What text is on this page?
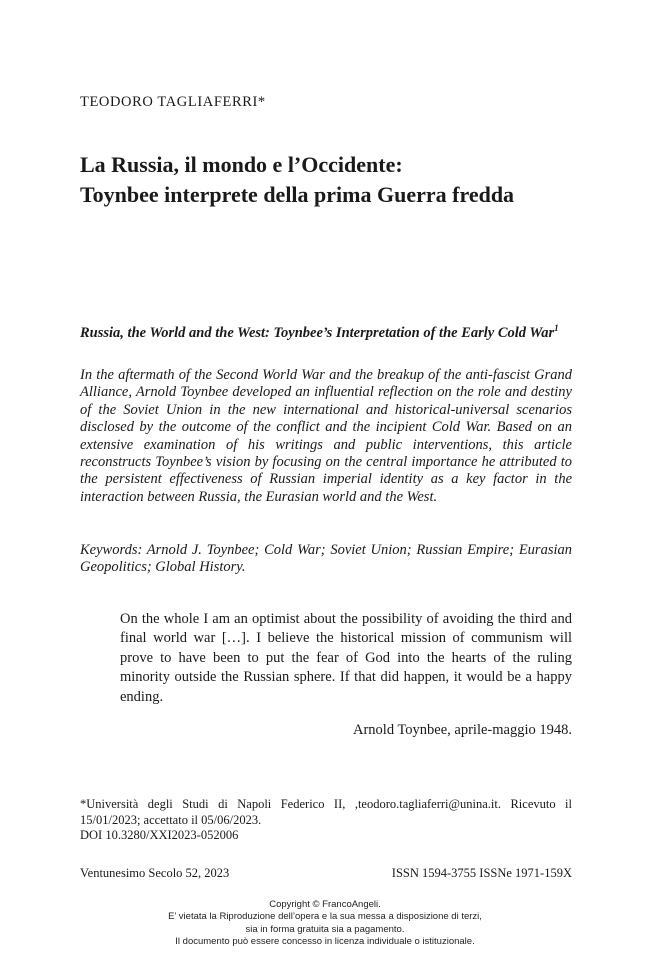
TEODORO TAGLIAFERRI*
La Russia, il mondo e l’Occidente:
Toynbee interprete della prima Guerra fredda
Russia, the World and the West: Toynbee’s Interpretation of the Early Cold War$^1$
In the aftermath of the Second World War and the breakup of the anti-fascist Grand Alliance, Arnold Toynbee developed an influential reflection on the role and destiny of the Soviet Union in the new international and historical-universal scenarios disclosed by the outcome of the conflict and the incipient Cold War. Based on an extensive examination of his writings and public interventions, this article reconstructs Toynbee’s vision by focusing on the central importance he attributed to the persistent effectiveness of Russian imperial identity as a key factor in the interaction between Russia, the Eurasian world and the West.
Keywords: Arnold J. Toynbee; Cold War; Soviet Union; Russian Empire; Eurasian Geopolitics; Global History.
On the whole I am an optimist about the possibility of avoiding the third and final world war […]. I believe the historical mission of communism will prove to have been to put the fear of God into the hearts of the ruling minority outside the Russian sphere. If that did happen, it would be a happy ending.
Arnold Toynbee, aprile-maggio 1948.
*Università degli Studi di Napoli Federico II, ,teodoro.tagliaferri@unina.it. Ricevuto il 15/01/2023; accettato il 05/06/2023.
DOI 10.3280/XXI2023-052006
Ventunesimo Secolo 52, 2023	ISSN 1594-3755 ISSNe 1971-159X
Copyright © FrancoAngeli.
E’ vietata la Riproduzione dell’opera e la sua messa a disposizione di terzi,
sia in forma gratuita sia a pagamento.
Il documento può essere concesso in licenza individuale o istituzionale.
